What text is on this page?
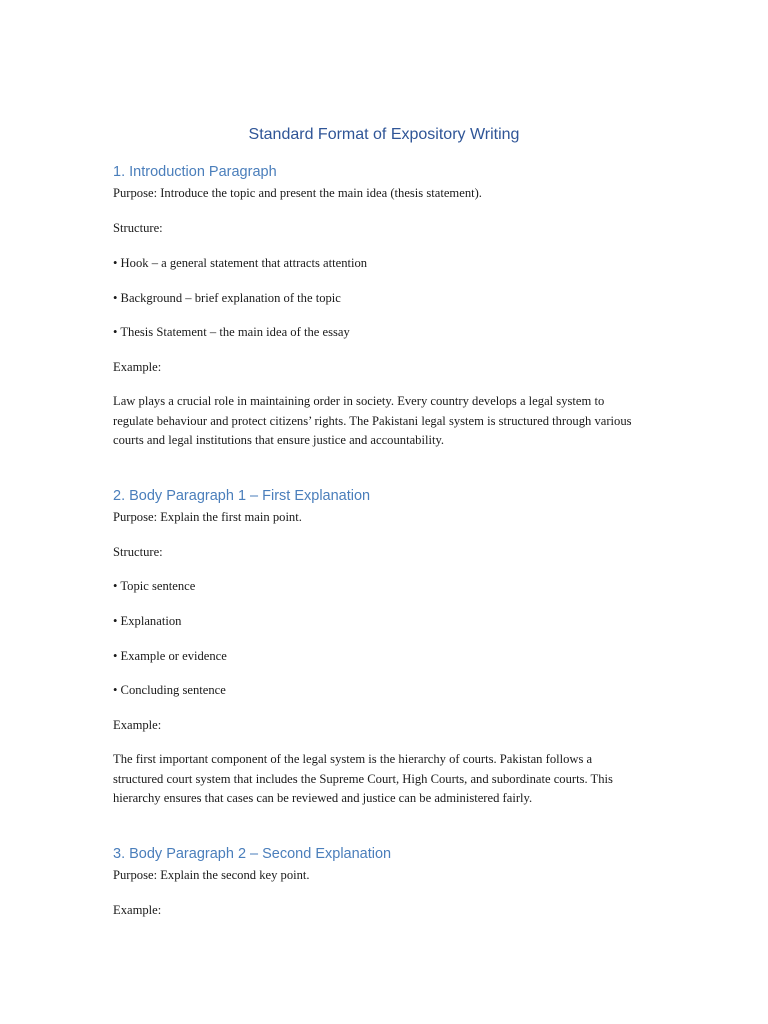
Standard Format of Expository Writing
1. Introduction Paragraph

Purpose: Introduce the topic and present the main idea (thesis statement).

Structure:

• Hook – a general statement that attracts attention

• Background – brief explanation of the topic

• Thesis Statement – the main idea of the essay

Example:

Law plays a crucial role in maintaining order in society. Every country develops a legal system to regulate behaviour and protect citizens’ rights. The Pakistani legal system is structured through various courts and legal institutions that ensure justice and accountability.

2. Body Paragraph 1 – First Explanation

Purpose: Explain the first main point.

Structure:

• Topic sentence

• Explanation

• Example or evidence

• Concluding sentence

Example:

The first important component of the legal system is the hierarchy of courts. Pakistan follows a structured court system that includes the Supreme Court, High Courts, and subordinate courts. This hierarchy ensures that cases can be reviewed and justice can be administered fairly.

3. Body Paragraph 2 – Second Explanation

Purpose: Explain the second key point.

Example:
